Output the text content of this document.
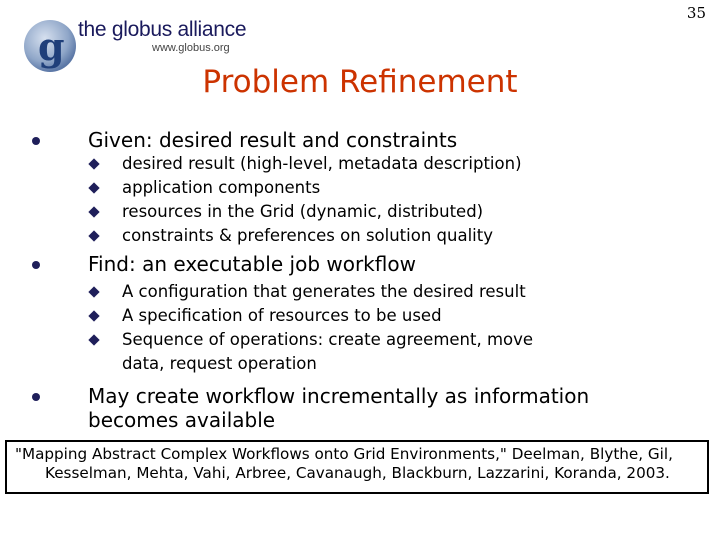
35
g the globus alliance
www.globus.org
Problem Refinement
Given: desired result and constraints
desired result (high-level, metadata description)
application components
resources in the Grid (dynamic, distributed)
constraints & preferences on solution quality
Find: an executable job workflow
A configuration that generates the desired result
A specification of resources to be used
Sequence of operations: create agreement, move data, request operation
May create workflow incrementally as information becomes available
"Mapping Abstract Complex Workflows onto Grid Environments," Deelman, Blythe, Gil,
Kesselman, Mehta, Vahi, Arbree, Cavanaugh, Blackburn, Lazzarini, Koranda, 2003.
